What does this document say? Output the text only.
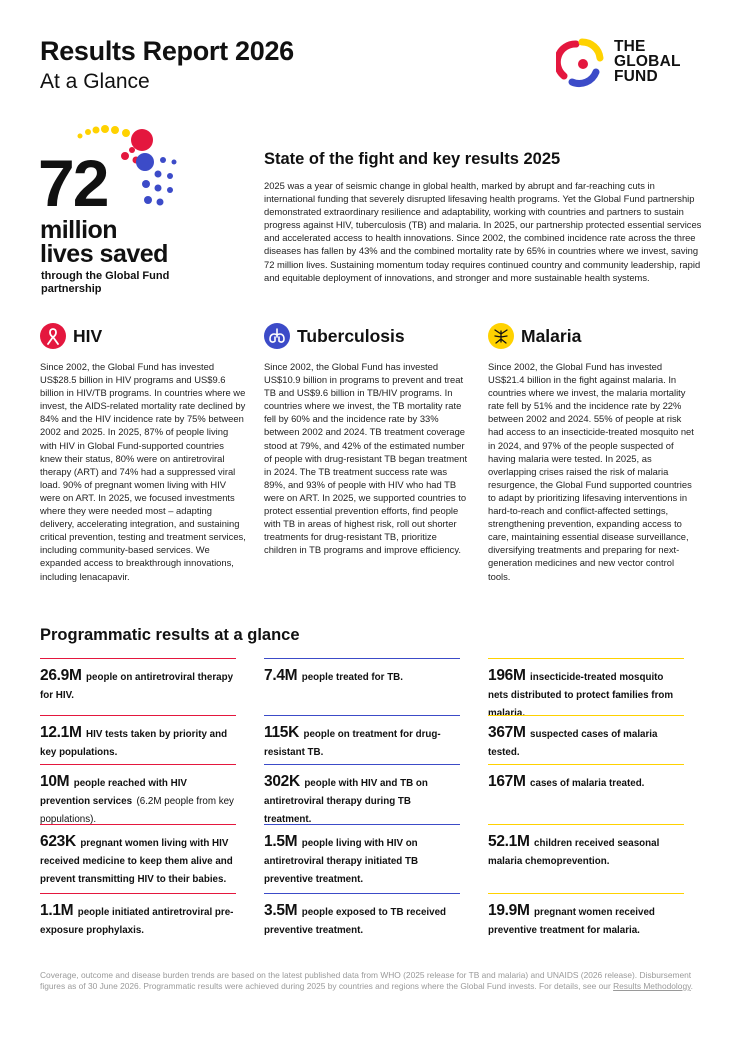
Results Report 2026
At a Glance
THE
GLOBAL
FUND
72
million
lives saved
through the Global Fund partnership
State of the fight and key results 2025
2025 was a year of seismic change in global health, marked by abrupt and far-reaching cuts in international funding that severely disrupted lifesaving health programs. Yet the Global Fund partnership demonstrated extraordinary resilience and adaptability, working with countries and partners to sustain progress against HIV, tuberculosis (TB) and malaria. In 2025, our partnership protected essential services and accelerated access to health innovations. Since 2002, the combined incidence rate across the three diseases has fallen by 43% and the combined mortality rate by 65% in countries where we invest, saving 72 million lives. Sustaining momentum today requires continued country and community leadership, rapid and equitable deployment of innovations, and stronger and more sustainable health systems.
HIV
Since 2002, the Global Fund has invested US$28.5 billion in HIV programs and US$9.6 billion in HIV/TB programs. In countries where we invest, the AIDS-related mortality rate declined by 84% and the HIV incidence rate by 75% between 2002 and 2025. In 2025, 87% of people living with HIV in Global Fund-supported countries knew their status, 80% were on antiretroviral therapy (ART) and 74% had a suppressed viral load. 90% of pregnant women living with HIV were on ART. In 2025, we focused investments where they were needed most – adapting delivery, accelerating integration, and sustaining critical prevention, testing and treatment services, including community-based services. We expanded access to breakthrough innovations, including lenacapavir.
Tuberculosis
Since 2002, the Global Fund has invested US$10.9 billion in programs to prevent and treat TB and US$9.6 billion in TB/HIV programs. In countries where we invest, the TB mortality rate fell by 60% and the incidence rate by 33% between 2002 and 2024. TB treatment coverage stood at 79%, and 42% of the estimated number of people with drug-resistant TB began treatment in 2024. The TB treatment success rate was 89%, and 93% of people with HIV who had TB were on ART. In 2025, we supported countries to protect essential prevention efforts, find people with TB in areas of highest risk, roll out shorter treatments for drug-resistant TB, prioritize children in TB programs and improve efficiency.
Malaria
Since 2002, the Global Fund has invested US$21.4 billion in the fight against malaria. In countries where we invest, the malaria mortality rate fell by 51% and the incidence rate by 22% between 2002 and 2024. 55% of people at risk had access to an insecticide-treated mosquito net in 2024, and 97% of the people suspected of having malaria were tested. In 2025, as overlapping crises raised the risk of malaria resurgence, the Global Fund supported countries to adapt by prioritizing lifesaving interventions in hard-to-reach and conflict-affected settings, strengthening prevention, expanding access to care, maintaining essential disease surveillance, diversifying treatments and preparing for next-generation medicines and new vector control tools.
Programmatic results at a glance
26.9M people on antiretroviral therapy for HIV.
12.1M HIV tests taken by priority and key populations.
10M people reached with HIV prevention services (6.2M people from key populations).
623K pregnant women living with HIV received medicine to keep them alive and prevent transmitting HIV to their babies.
1.1M people initiated antiretroviral pre-exposure prophylaxis.
7.4M people treated for TB.
115K people on treatment for drug-resistant TB.
302K people with HIV and TB on antiretroviral therapy during TB treatment.
1.5M people living with HIV on antiretroviral therapy initiated TB preventive treatment.
3.5M people exposed to TB received preventive treatment.
196M insecticide-treated mosquito nets distributed to protect families from malaria.
367M suspected cases of malaria tested.
167M cases of malaria treated.
52.1M children received seasonal malaria chemoprevention.
19.9M pregnant women received preventive treatment for malaria.
Coverage, outcome and disease burden trends are based on the latest published data from WHO (2025 release for TB and malaria) and UNAIDS (2026 release). Disbursement figures as of 30 June 2026. Programmatic results were achieved during 2025 by countries and regions where the Global Fund invests. For details, see our Results Methodology.
